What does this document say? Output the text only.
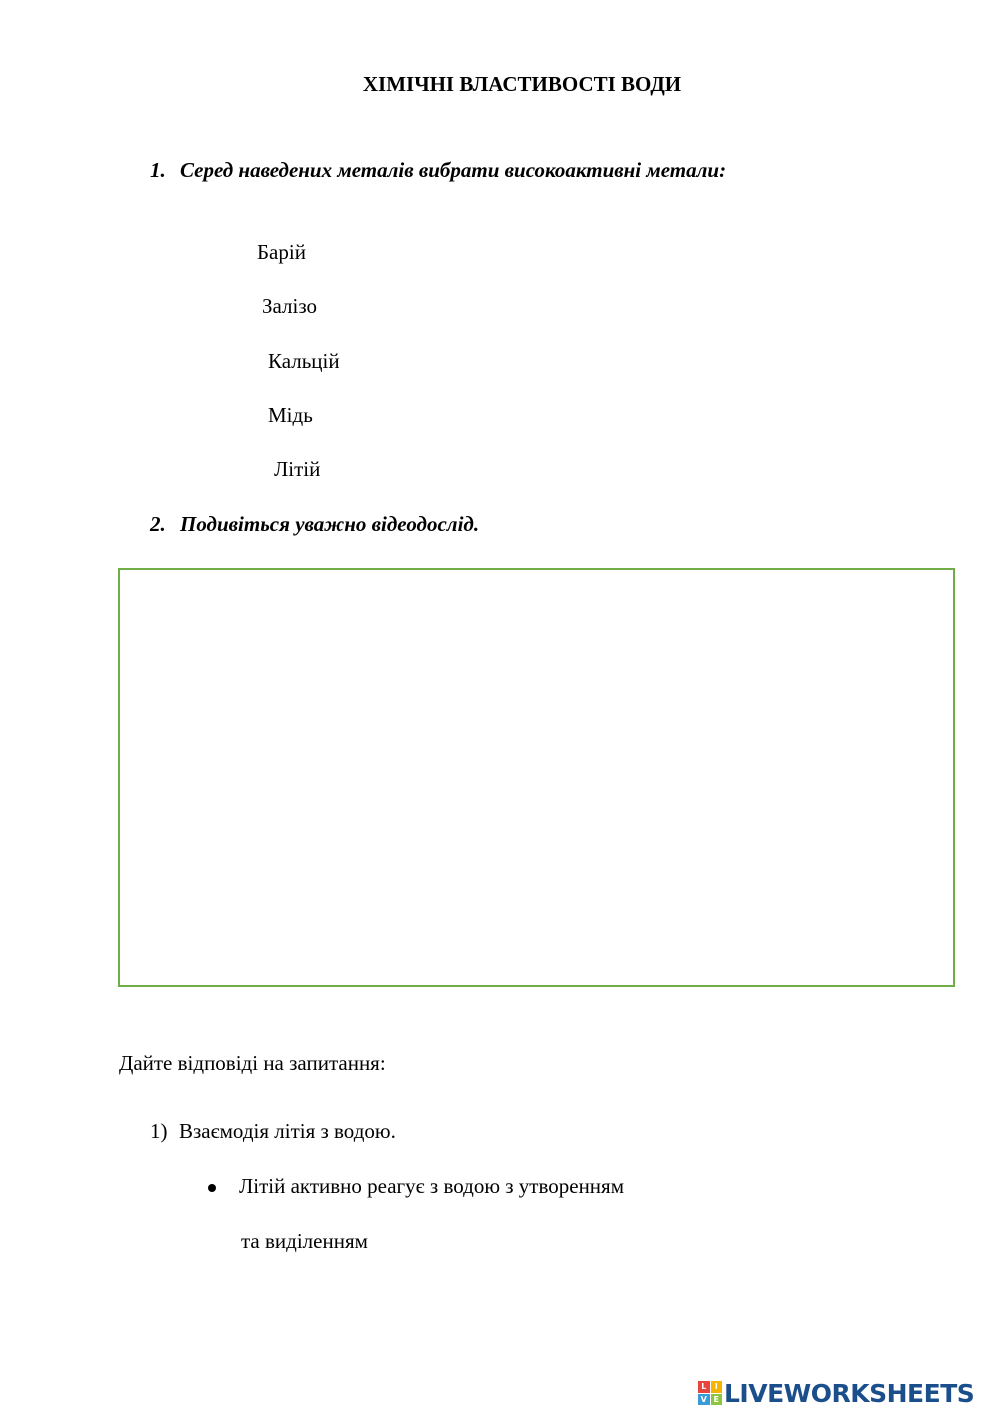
ХІМІЧНІ ВЛАСТИВОСТІ ВОДИ
1. Серед наведених металів вибрати високоактивні метали:
Барій
Залізо
Кальцій
Мідь
Літій
2. Подивіться уважно відеодослід.
Дайте відповіді на запитання:
1) Взаємодія літія з водою.
Літій активно реагує з водою з утворенням
та виділенням
L	I
V E LIVEWORKSHEETS
